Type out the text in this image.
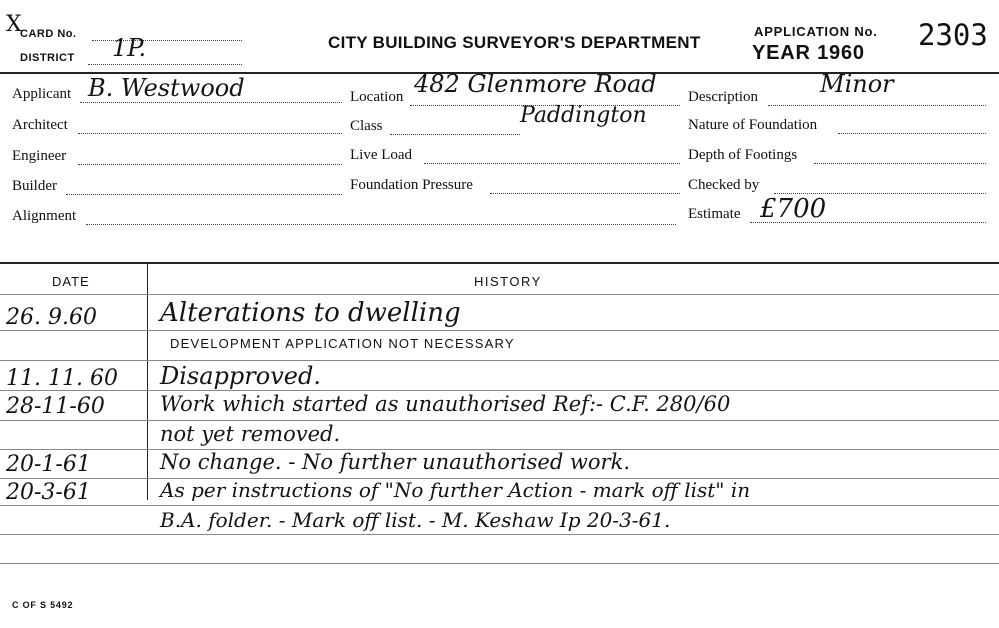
X
CARD No.
DISTRICT 1P.	CITY BUILDING SURVEYOR'S DEPARTMENT
APPLICATION No.
YEAR 1960
2303
Applicant B. Westwood
Architect
Engineer
Builder
Alignment
Location 482 Glenmore Road
Paddington
Class
Live Load
Foundation Pressure
Description	Minor
Nature of Foundation
Depth of Footings
Checked by
Estimate £700
DATE	HISTORY
26. 9.60 Alterations to dwelling
DEVELOPMENT APPLICATION NOT NECESSARY
11. 11. 60 Disapproved.
28-11-60	Work which started as unauthorised Ref:- C.F. 280/60
not yet removed.
20-1-61	No change. - No further unauthorised work.
20-3-61	As per instructions of "No further Action - mark off list" in
B.A. folder. - Mark off list. - M. Keshaw Ip 20-3-61.
C OF S 5492
